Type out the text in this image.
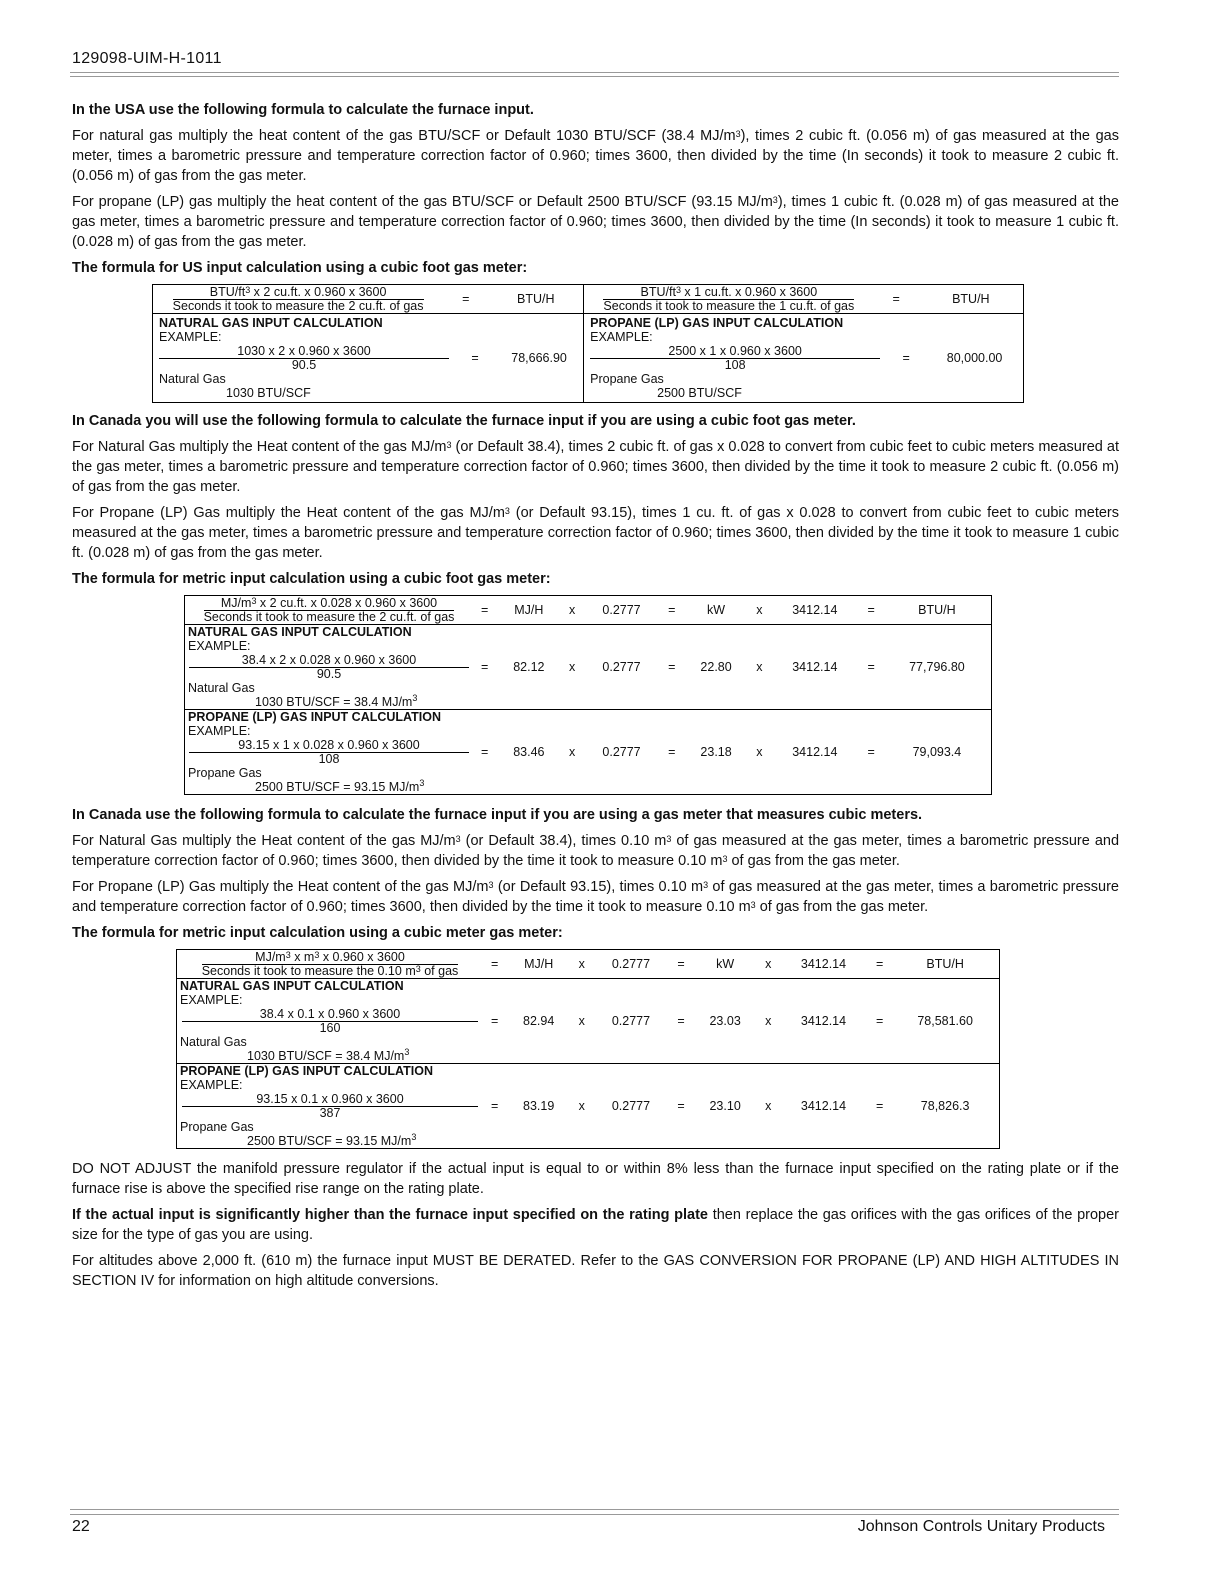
129098-UIM-H-1011
In the USA use the following formula to calculate the furnace input.
For natural gas multiply the heat content of the gas BTU/SCF or Default 1030 BTU/SCF (38.4 $MJ/m^3$), times 2 cubic ft. (0.056 m) of gas measured at the gas meter, times a barometric pressure and temperature correction factor of 0.960; times 3600, then divided by the time (In seconds) it took to measure 2 cubic ft. (0.056 m) of gas from the gas meter.
For propane (LP) gas multiply the heat content of the gas BTU/SCF or Default 2500 BTU/SCF (93.15 $MJ/m^3$), times 1 cubic ft. (0.028 m) of gas measured at the gas meter, times a barometric pressure and temperature correction factor of 0.960; times 3600, then divided by the time (In seconds) it took to measure 1 cubic ft. (0.028 m) of gas from the gas meter.
The formula for US input calculation using a cubic foot gas meter:
$\frac{BTU/ft^3 x 2 cu.ft. x 0.960 x 3600}{\text{Seconds it took to measure the 2 cu.ft. of gas}}$	=	BTU/H	$\frac{BTU/ft^3 x 1 cu.ft. x 0.960 x 3600}{\text{Seconds it took to measure the 1 cu.ft. of gas}}$	=	BTU/H

NATURAL GAS INPUT CALCULATION		
EXAMPLE:		

$\frac{1030 x 2 x 0.960 x 3600}{90.5}$	=	78,666.90
Natural Gas		
1030 BTU/SCF		

PROPANE (LP) GAS INPUT CALCULATION		
EXAMPLE:		

$\frac{2500 x 1 x 0.960 x 3600}{108}$	=	80,000.00
Propane Gas		
2500 BTU/SCF		
In Canada you will use the following formula to calculate the furnace input if you are using a cubic foot gas meter.
For Natural Gas multiply the Heat content of the gas $MJ/m^3$ (or Default 38.4), times 2 cubic ft. of gas x 0.028 to convert from cubic feet to cubic meters measured at the gas meter, times a barometric pressure and temperature correction factor of 0.960; times 3600, then divided by the time it took to measure 2 cubic ft. (0.056 m) of gas from the gas meter.
For Propane (LP) Gas multiply the Heat content of the gas $MJ/m^3$ (or Default 93.15), times 1 cu. ft. of gas x 0.028 to convert from cubic feet to cubic meters measured at the gas meter, times a barometric pressure and temperature correction factor of 0.960; times 3600, then divided by the time it took to measure 1 cubic ft. (0.028 m) of gas from the gas meter.
The formula for metric input calculation using a cubic foot gas meter:
$\frac{MJ/m^3 x 2 cu.ft. x 0.028 x 0.960 x 3600}{\text{Seconds it took to measure the 2 cu.ft. of gas}}$	=	MJ/H	x	0.2777	=	kW	x	3412.14	=	BTU/H
NATURAL GAS INPUT CALCULATION										
EXAMPLE:										

$\frac{38.4 x 2 x 0.028 x 0.960 x 3600}{90.5}$	=	82.12	x	0.2777	=	22.80	x	3412.14	=	77,796.80
Natural Gas										
1030 BTU/SCF = 38.4 $MJ/m^3$
PROPANE (LP) GAS INPUT CALCULATION										
EXAMPLE:										

$\frac{93.15 x 1 x 0.028 x 0.960 x 3600}{108}$	=	83.46	x	0.2777	=	23.18	x	3412.14	=	79,093.4
Propane Gas										
2500 BTU/SCF = 93.15 $MJ/m^3$
In Canada use the following formula to calculate the furnace input if you are using a gas meter that measures cubic meters.
For Natural Gas multiply the Heat content of the gas $MJ/m^3$ (or Default 38.4), times 0.10 $m^3$ of gas measured at the gas meter, times a barometric pressure and temperature correction factor of 0.960; times 3600, then divided by the time it took to measure 0.10 $m^3$ of gas from the gas meter.
For Propane (LP) Gas multiply the Heat content of the gas $MJ/m^3$ (or Default 93.15), times 0.10 $m^3$ of gas measured at the gas meter, times a barometric pressure and temperature correction factor of 0.960; times 3600, then divided by the time it took to measure 0.10 $m^3$ of gas from the gas meter.
The formula for metric input calculation using a cubic meter gas meter:
$\frac{MJ/m^3 x m^3 x 0.960 x 3600}{Seconds it took to measure the 0.10 m^3 of gas}$	=	MJ/H	x	0.2777	=	kW	x	3412.14	=	BTU/H
NATURAL GAS INPUT CALCULATION										
EXAMPLE:										

$\frac{38.4 x 0.1 x 0.960 x 3600}{160}$	=	82.94	x	0.2777	=	23.03	x	3412.14	=	78,581.60
Natural Gas										
1030 BTU/SCF = 38.4 $MJ/m^3$
PROPANE (LP) GAS INPUT CALCULATION										
EXAMPLE:										

$\frac{93.15 x 0.1 x 0.960 x 3600}{387}$	=	83.19	x	0.2777	=	23.10	x	3412.14	=	78,826.3
Propane Gas										
2500 BTU/SCF = 93.15 $MJ/m^3$
DO NOT ADJUST the manifold pressure regulator if the actual input is equal to or within 8% less than the furnace input specified on the rating plate or if the furnace rise is above the specified rise range on the rating plate.
If the actual input is significantly higher than the furnace input specified on the rating plate then replace the gas orifices with the gas orifices of the proper size for the type of gas you are using.
For altitudes above 2,000 ft. (610 m) the furnace input MUST BE DERATED. Refer to the GAS CONVERSION FOR PROPANE (LP) AND HIGH ALTITUDES IN SECTION IV for information on high altitude conversions.
22	Johnson Controls Unitary Products
